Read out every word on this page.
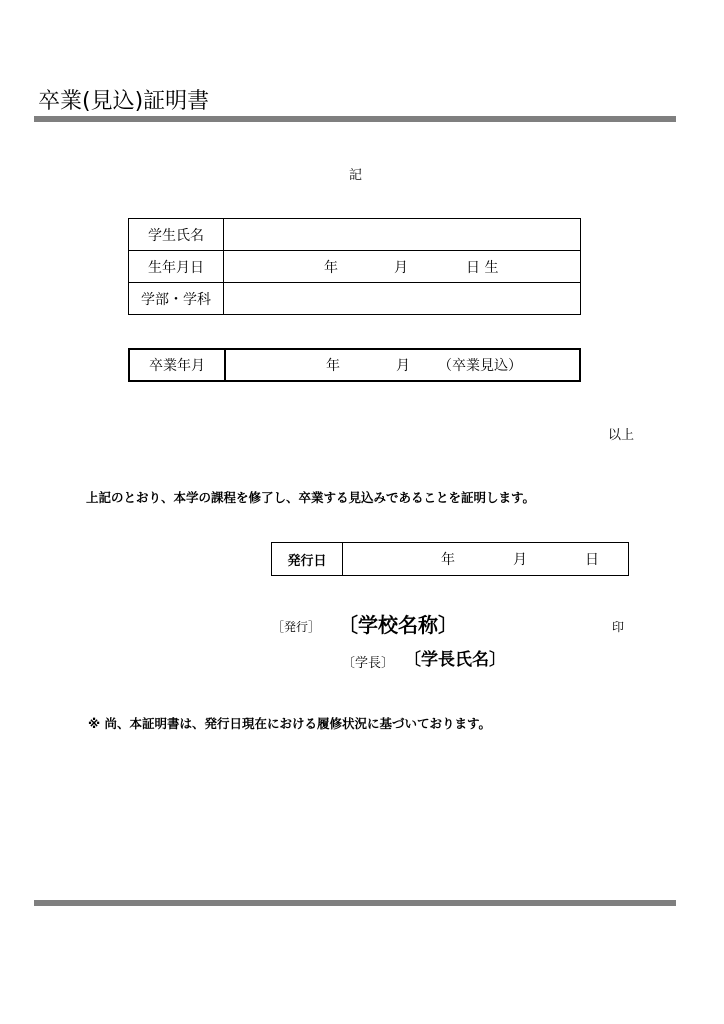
卒業(見込)証明書
記
学生氏名	
生年月日	年 月 日 生

学部・学科	
卒業年月	年	月 （卒業見込）
以上
上記のとおり、本学の課程を修了し、卒業する見込みであることを証明します。
発行日	年	月	日
［発行］ 〔学校名称〕	印
〔学長〕 〔学長氏名〕
※ 尚、本証明書は、発行日現在における履修状況に基づいております。
